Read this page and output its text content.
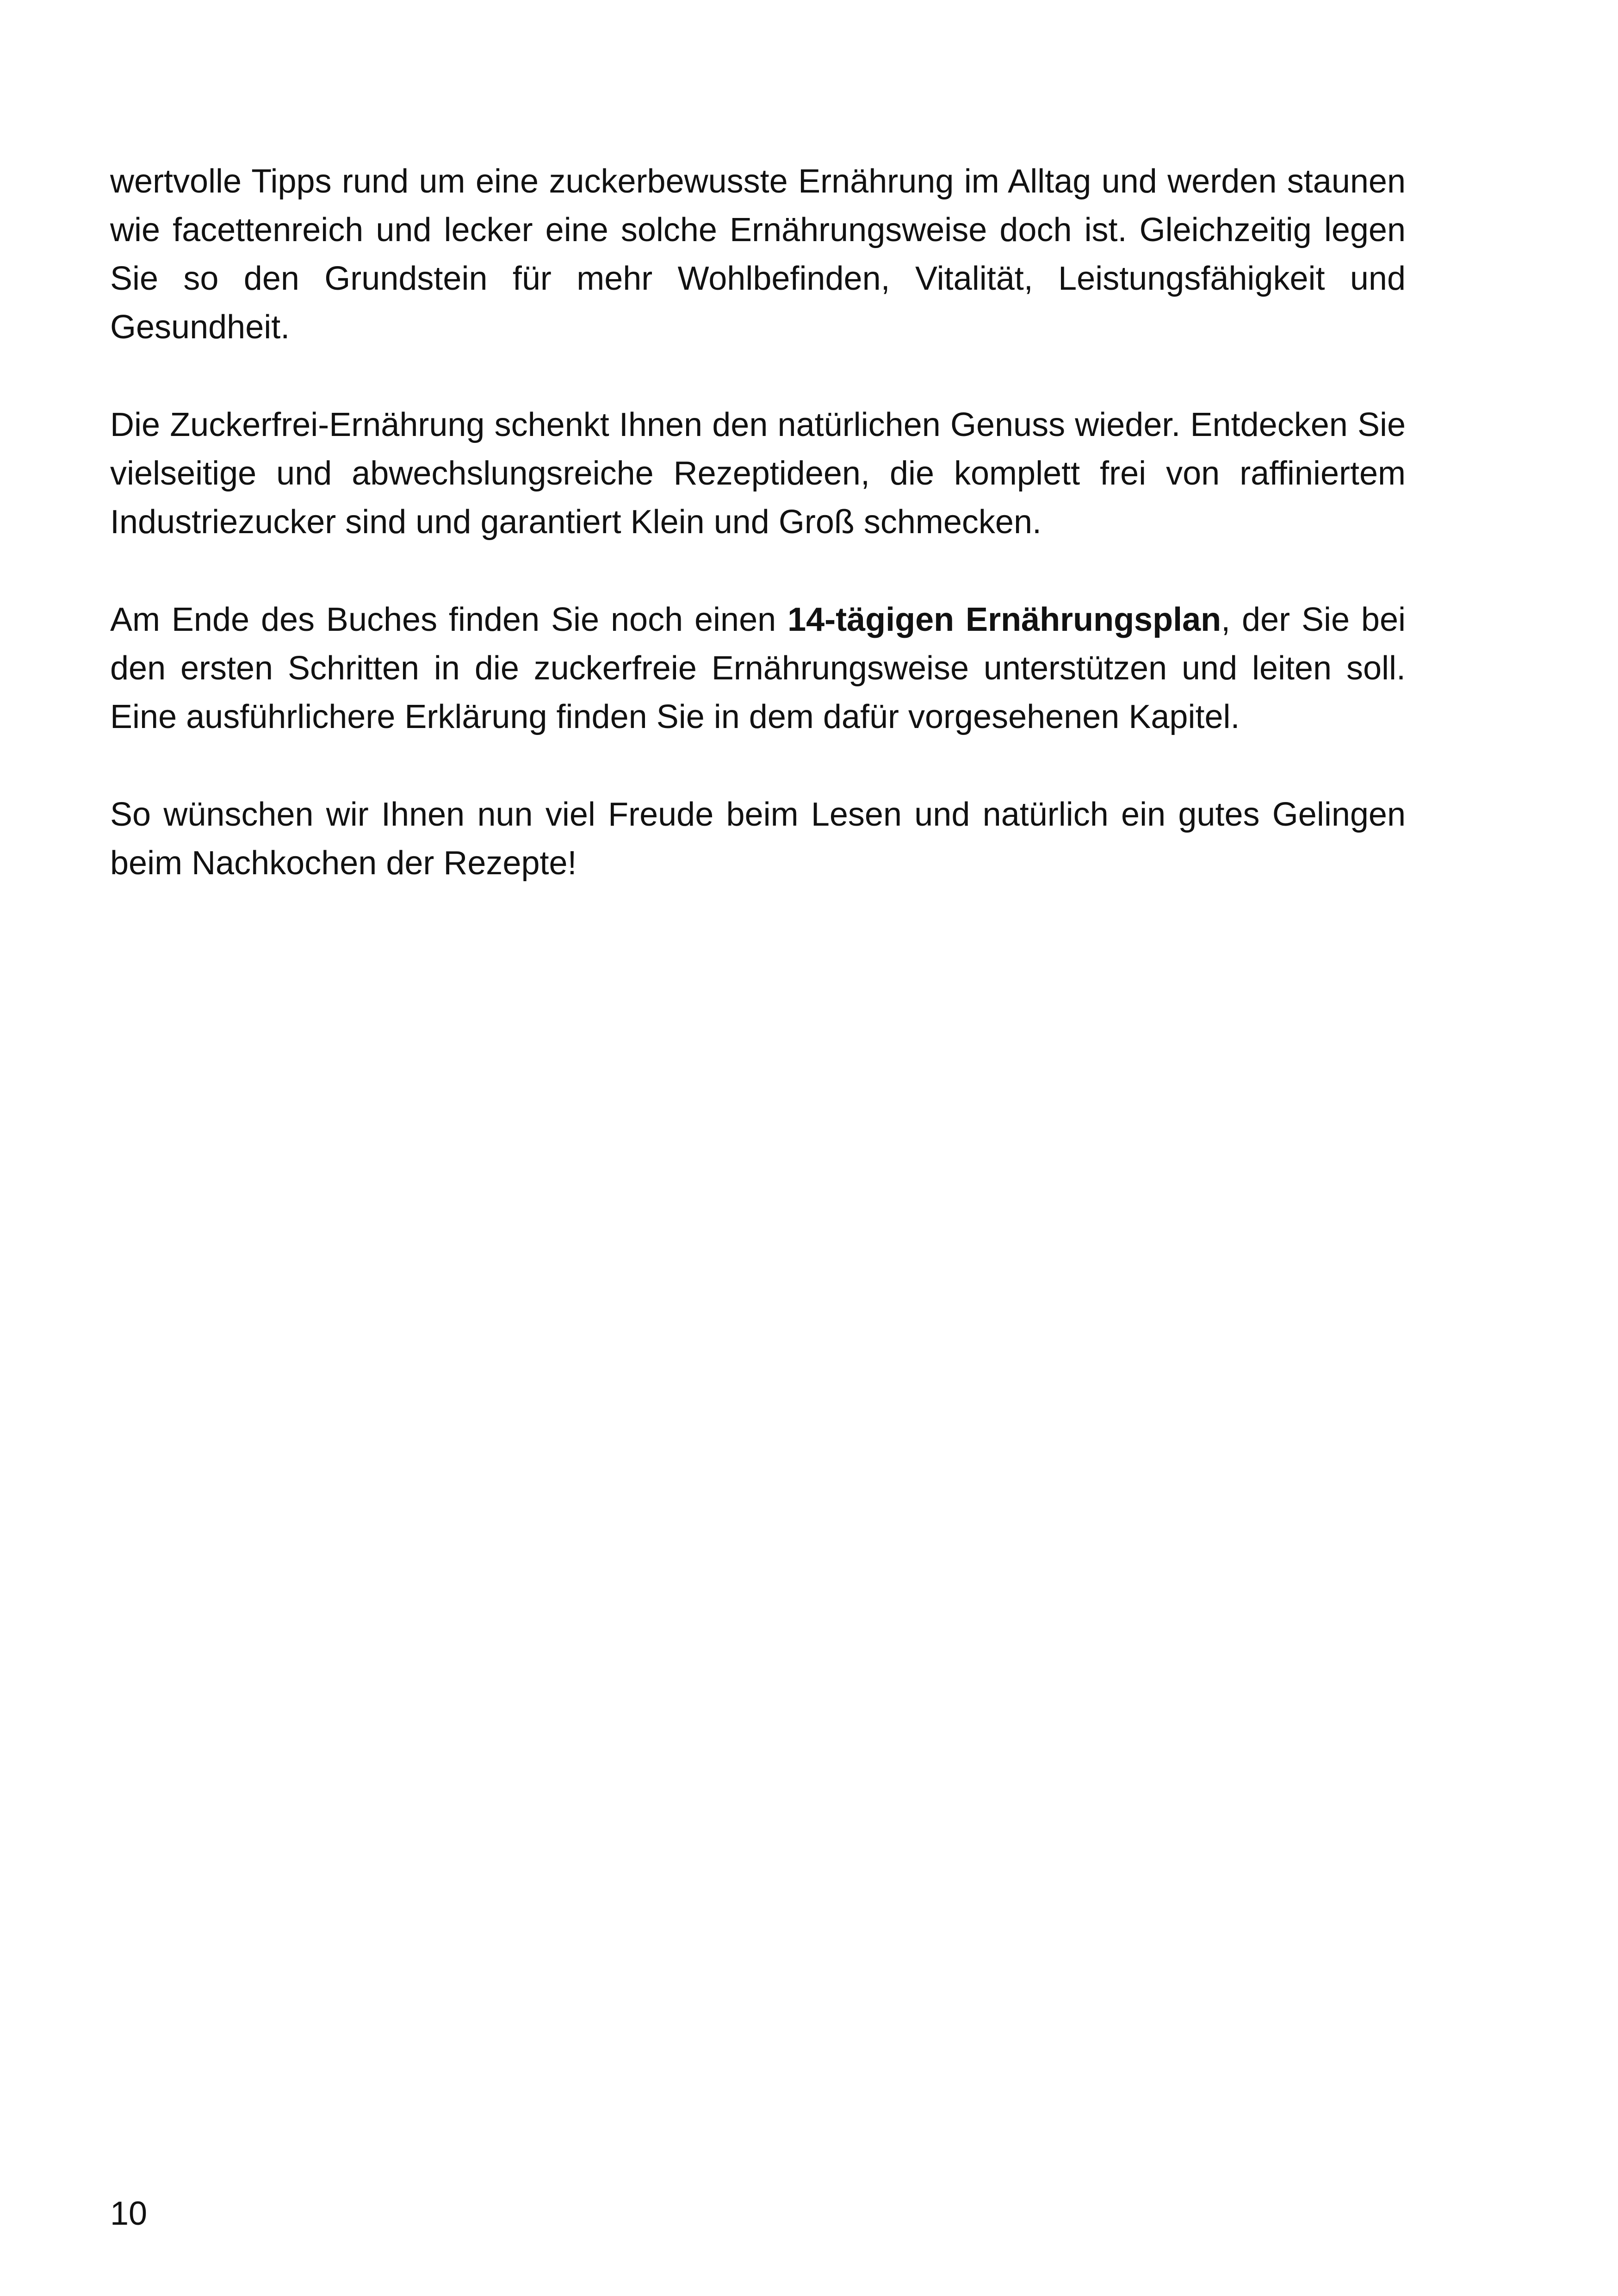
wertvolle Tipps rund um eine zuckerbewusste Ernährung im Alltag und werden staunen wie facettenreich und lecker eine solche Ernährungsweise doch ist. Gleichzeitig legen Sie so den Grundstein für mehr Wohlbefinden, Vitalität, Leistungsfähigkeit und Gesundheit.

Die Zuckerfrei-Ernährung schenkt Ihnen den natürlichen Genuss wieder. Entdecken Sie vielseitige und abwechslungsreiche Rezeptideen, die komplett frei von raffiniertem Industriezucker sind und garantiert Klein und Groß schmecken.

Am Ende des Buches finden Sie noch einen 14-tägigen Ernährungsplan, der Sie bei den ersten Schritten in die zuckerfreie Ernährungsweise unterstützen und leiten soll. Eine ausführlichere Erklärung finden Sie in dem dafür vorgesehenen Kapitel.

So wünschen wir Ihnen nun viel Freude beim Lesen und natürlich ein gutes Gelingen beim Nachkochen der Rezepte!

10
